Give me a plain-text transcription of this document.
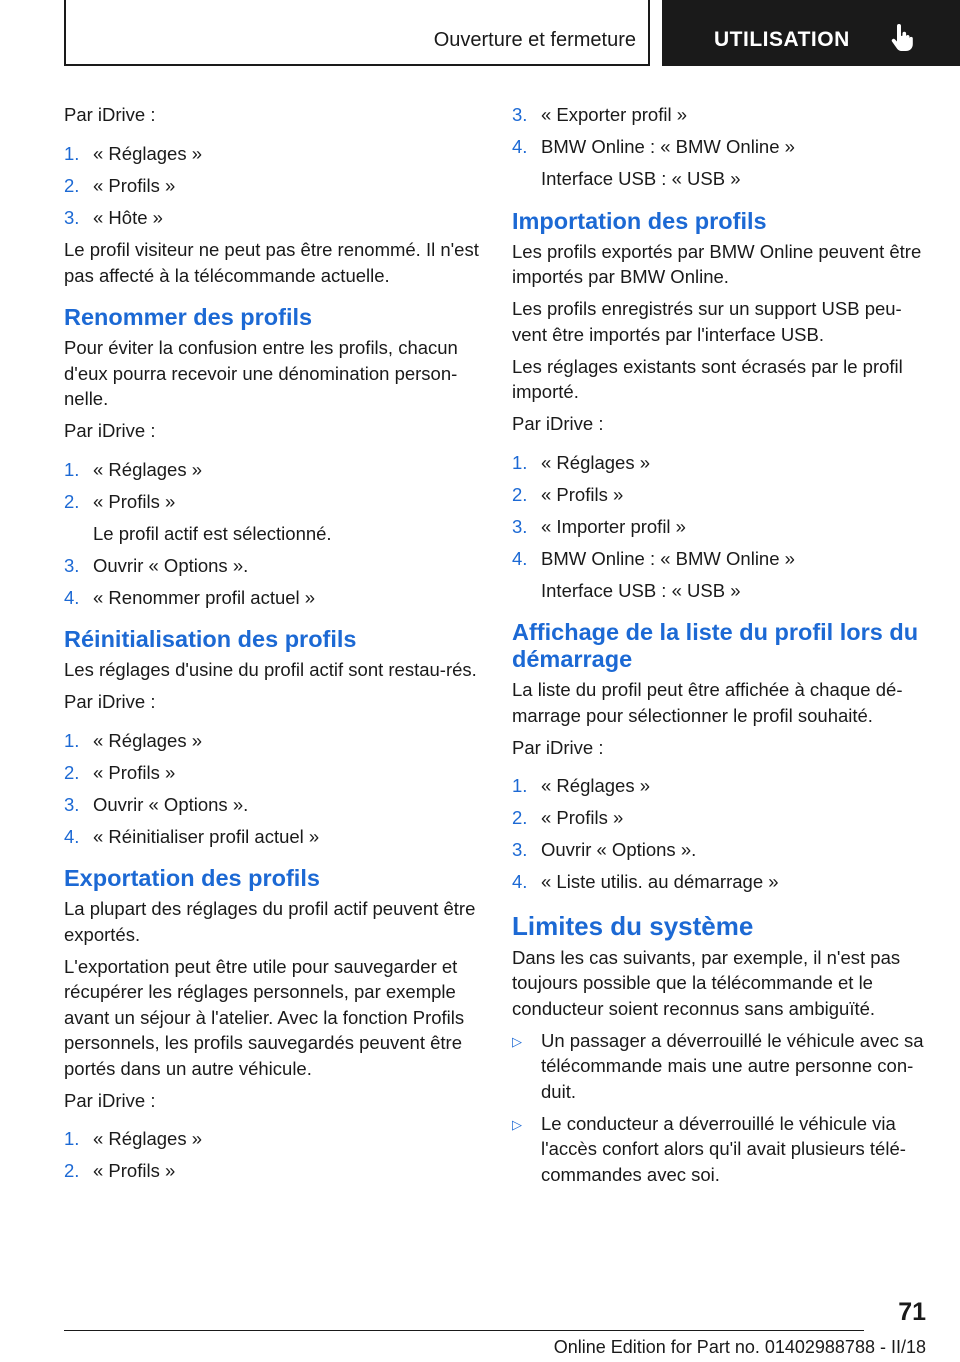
Ouverture et fermeture	UTILISATION

Par iDrive :

1. « Réglages »
2. « Profils »
3. « Hôte »

Le profil visiteur ne peut pas être renommé. Il n'est pas affecté à la télécommande actuelle.

Renommer des profils

Pour éviter la confusion entre les profils, chacun d'eux pourra recevoir une dénomination person‐nelle.

Par iDrive :

1. « Réglages »
2. « Profils »
Le profil actif est sélectionné.
3. Ouvrir « Options ».
4. « Renommer profil actuel »
Réinitialisation des profils

Les réglages d'usine du profil actif sont restau‐rés.

Par iDrive :

1. « Réglages »
2. « Profils »
3. Ouvrir « Options ».
4. « Réinitialiser profil actuel »
Exportation des profils

La plupart des réglages du profil actif peuvent être exportés.

L'exportation peut être utile pour sauvegarder et récupérer les réglages personnels, par exemple avant un séjour à l'atelier. Avec la fonction Profils personnels, les profils sauvegardés peuvent être portés dans un autre véhicule.

Par iDrive :

1. « Réglages »
2. « Profils »
3. « Exporter profil »
4. BMW Online : « BMW Online »
Interface USB : « USB »
Importation des profils

Les profils exportés par BMW Online peuvent être importés par BMW Online.

Les profils enregistrés sur un support USB peu‐vent être importés par l'interface USB.

Les réglages existants sont écrasés par le profil importé.

Par iDrive :

1. « Réglages »
2. « Profils »
3. « Importer profil »
4. BMW Online : « BMW Online »
Interface USB : « USB »
Affichage de la liste du profil lors du démarrage

La liste du profil peut être affichée à chaque dé‐marrage pour sélectionner le profil souhaité.

Par iDrive :

1. « Réglages »
2. « Profils »
3. Ouvrir « Options ».
4. « Liste utilis. au démarrage »
Limites du système

Dans les cas suivants, par exemple, il n'est pas toujours possible que la télécommande et le conducteur soient reconnus sans ambiguïté.

▷	Un passager a déverrouillé le véhicule avec sa télécommande mais une autre personne con‐duit.
▷	Le conducteur a déverrouillé le véhicule via l'accès confort alors qu'il avait plusieurs télé‐commandes avec soi.
71
Online Edition for Part no. 01402988788 - II/18
